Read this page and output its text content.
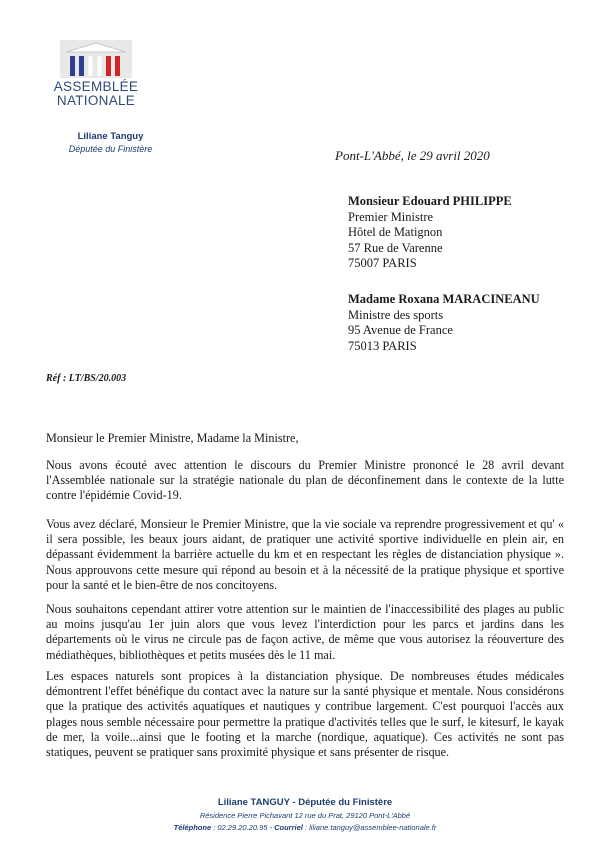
ASSEMBLÉE
NATIONALE
Liliane Tanguy
Députée du Finistère	Pont-L'Abbé, le 29 avril 2020
Monsieur Edouard PHILIPPE
Premier Ministre
Hôtel de Matignon
57 Rue de Varenne
75007 PARIS
Madame Roxana MARACINEANU
Ministre des sports
95 Avenue de France
75013 PARIS
Réf : LT/BS/20.003
Monsieur le Premier Ministre, Madame la Ministre,
Nous avons écouté avec attention le discours du Premier Ministre prononcé le 28 avril devant l'Assemblée nationale sur la stratégie nationale du plan de déconfinement dans le contexte de la lutte contre l'épidémie Covid-19.
Vous avez déclaré, Monsieur le Premier Ministre, que la vie sociale va reprendre progressivement et qu' « il sera possible, les beaux jours aidant, de pratiquer une activité sportive individuelle en plein air, en dépassant évidemment la barrière actuelle du km et en respectant les règles de distanciation physique ». Nous approuvons cette mesure qui répond au besoin et à la nécessité de la pratique physique et sportive pour la santé et le bien-être de nos concitoyens.
Nous souhaitons cependant attirer votre attention sur le maintien de l'inaccessibilité des plages au public au moins jusqu'au 1er juin alors que vous levez l'interdiction pour les parcs et jardins dans les départements où le virus ne circule pas de façon active, de même que vous autorisez la réouverture des médiathèques, bibliothèques et petits musées dès le 11 mai.
Les espaces naturels sont propices à la distanciation physique. De nombreuses études médicales démontrent l'effet bénéfique du contact avec la nature sur la santé physique et mentale. Nous considérons que la pratique des activités aquatiques et nautiques y contribue largement. C'est pourquoi l'accès aux plages nous semble nécessaire pour permettre la pratique d'activités telles que le surf, le kitesurf, le kayak de mer, la voile...ainsi que le footing et la marche (nordique, aquatique). Ces activités ne sont pas statiques, peuvent se pratiquer sans proximité physique et sans présenter de risque.
Liliane TANGUY - Députée du Finistère
Résidence Pierre Pichavant 12 rue du Prat, 29120 Pont-L'Abbé
Téléphone : 02.29.20.20.95 - Courriel : liliane.tanguy@assemblee-nationale.fr
